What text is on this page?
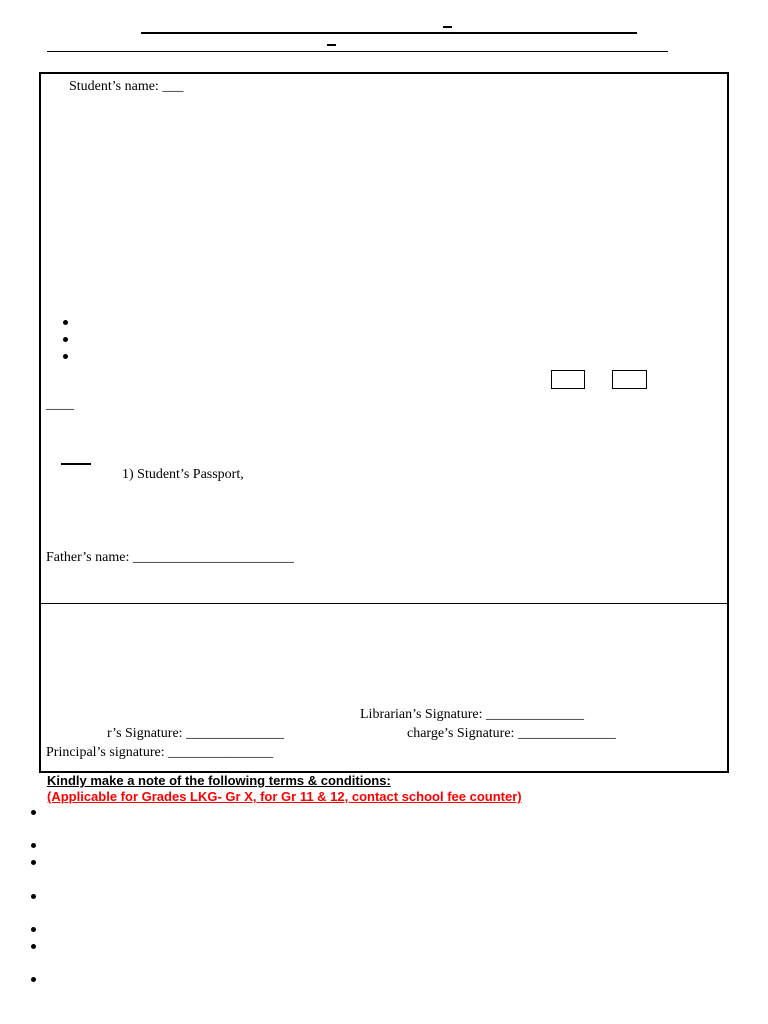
Student’s name: ___
____
1) Student’s Passport,
Father’s name: _______________________
Librarian’s Signature: ______________
r’s Signature: ______________	charge’s Signature: ______________
Principal’s signature: _______________
Kindly make a note of the following terms & conditions:
(Applicable for Grades LKG- Gr X, for Gr 11 & 12, contact school fee counter)
